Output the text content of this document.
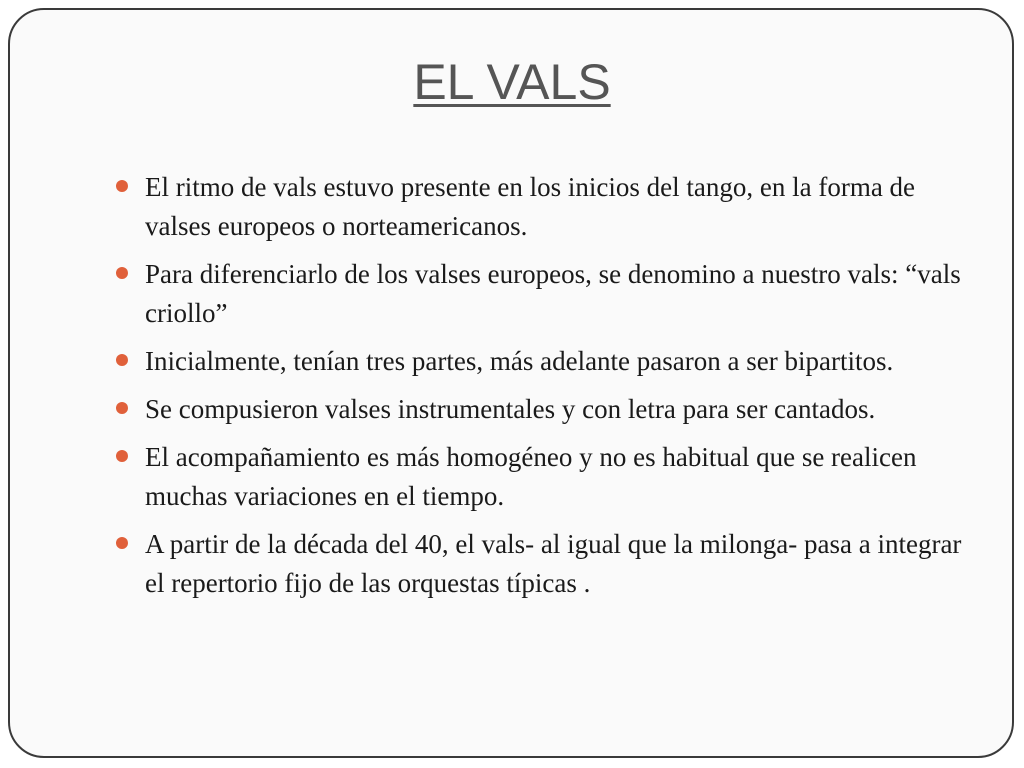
EL VALS
El ritmo de vals estuvo presente en los inicios del tango, en la forma de valses europeos o norteamericanos.
Para diferenciarlo de los valses europeos, se denomino a nuestro vals: “vals criollo”
Inicialmente, tenían tres partes, más adelante pasaron a ser bipartitos.
Se compusieron valses instrumentales y con letra para ser cantados.
El acompañamiento es más homogéneo y no es habitual que se realicen muchas variaciones en el tiempo.
A partir de la década del 40, el vals- al igual que la milonga- pasa a integrar el repertorio fijo de las orquestas típicas .
